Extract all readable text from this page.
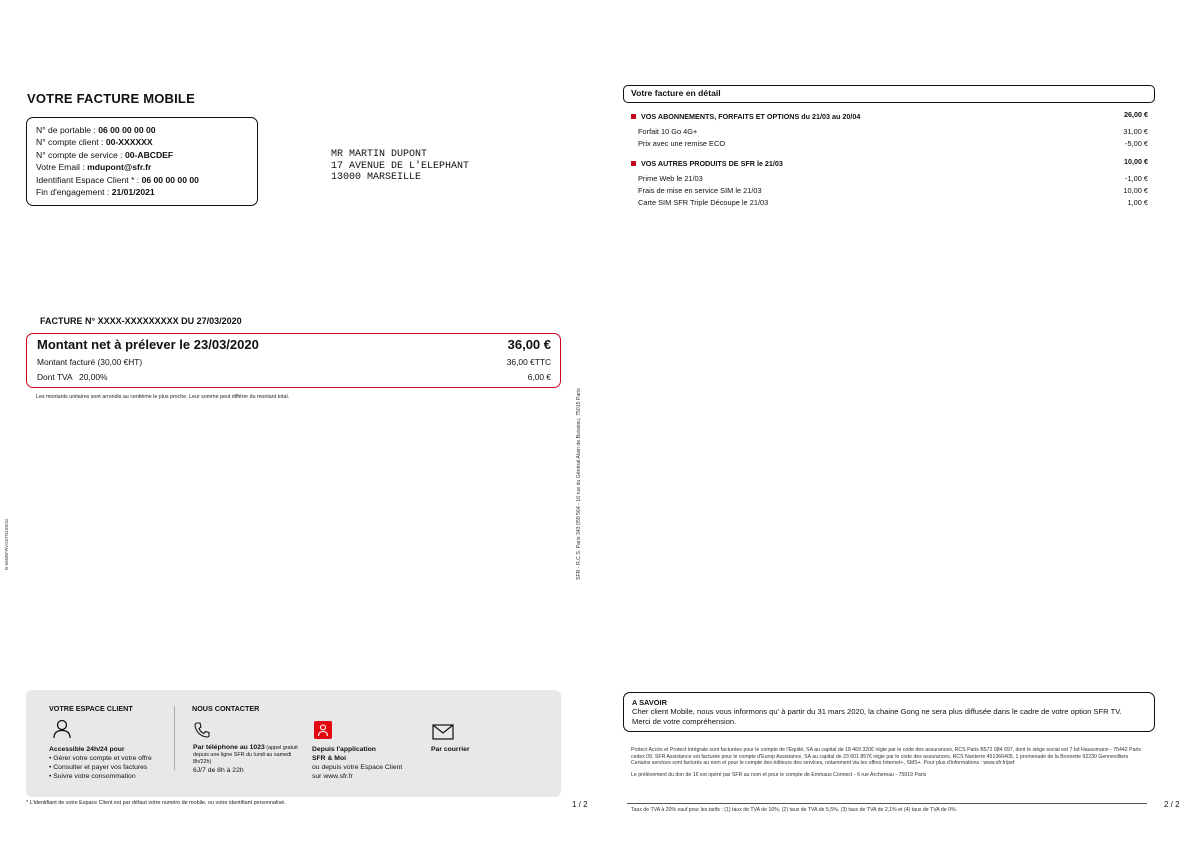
VOTRE FACTURE MOBILE
N° de portable : 06 00 00 00 00
N° compte client : 00-XXXXXX
N° compte de service : 00-ABCDEF
Votre Email : mdupont@sfr.fr
Identifiant Espace Client * : 06 00 00 00 00
Fin d'engagement : 21/01/2021
MR MARTIN DUPONT
17 AVENUE DE L'ELEPHANT
13000 MARSEILLE
FACTURE N° XXXX-XXXXXXXXX DU 27/03/2020
Montant net à prélever le 23/03/2020	36,00 €
Montant facturé (30,00 €HT)	36,00 €TTC
Dont TVA   20,00%	6,00 €
Les montants unitaires sont arrondis au centième le plus proche. Leur somme peut différer du montant total.
B-58M5FRVG5TN189/32	SFR - R.C.S. Paris 343 059 564 - 16 rue du Général Alain de Boissieu, 75015 Paris
VOTRE ESPACE CLIENT
Accessible 24h/24 pour
• Gérer votre compte et votre offre
• Consulter et payer vos factures
• Suivre votre consommation
NOUS CONTACTER
Par téléphone au 1023 (appel gratuit depuis une ligne SFR du lundi au samedi 8h/22h)
6J/7 de 8h à 22h
Depuis l'application
SFR & Moi
ou depuis votre Espace Client
sur www.sfr.fr
Par courrier
* L'identifiant de votre Espace Client est par défaut votre numéro de mobile, ou votre identifiant personnalisé.	1 / 2
Votre facture en détail
VOS ABONNEMENTS, FORFAITS ET OPTIONS du 21/03 au 20/04	26,00 €
Forfait 10 Go 4G+	31,00 €
Prix avec une remise ECO	-5,00 €
VOS AUTRES PRODUITS DE SFR le 21/03	10,00 €
Prime Web le 21/03	-1,00 €
Frais de mise en service SIM le 21/03	10,00 €
Carte SIM SFR Triple Découpe le 21/03	1,00 €
A SAVOIR
Cher client Mobile, nous vous informons qu' à partir du 31 mars 2020, la chaine Gong ne sera plus diffusée dans le cadre de votre option SFR TV.
Merci de votre compréhension.

Protect Accès et Protect Intégrale sont facturées pour le compte de l'Equité, SA au capital de 18 469 320€ régie par le code des assurances, RCS Paris B572 084 697, dont le siège social est 7 bd Haussmann - 75442 Paris cedex 09. SFR Assistance est facturée pour le compte d'Europ Assistance, SA au capital de 23 601 857€ régie par le code des assurances, RCS Nanterre 451366405, 1 promenade de la Bonnette 92230 Gennevilliers

Certains services sont facturés au nom et pour le compte des éditeurs des services, notamment via les offres Internet+, SMS+. Pour plus d'informations : www.sfr.fr/pef

Le prélèvement du don de 1€ est opéré par SFR au nom et pour le compte de Emmaus Connect - 6 rue Archereau - 75019 Paris

Taux de TVA à 20% sauf pour les tarifs : (1) taux de TVA de 10%, (2) taux de TVA de 5,5%, (3) taux de TVA de 2,1% et (4) taux de TVA de 0%.
2 / 2
